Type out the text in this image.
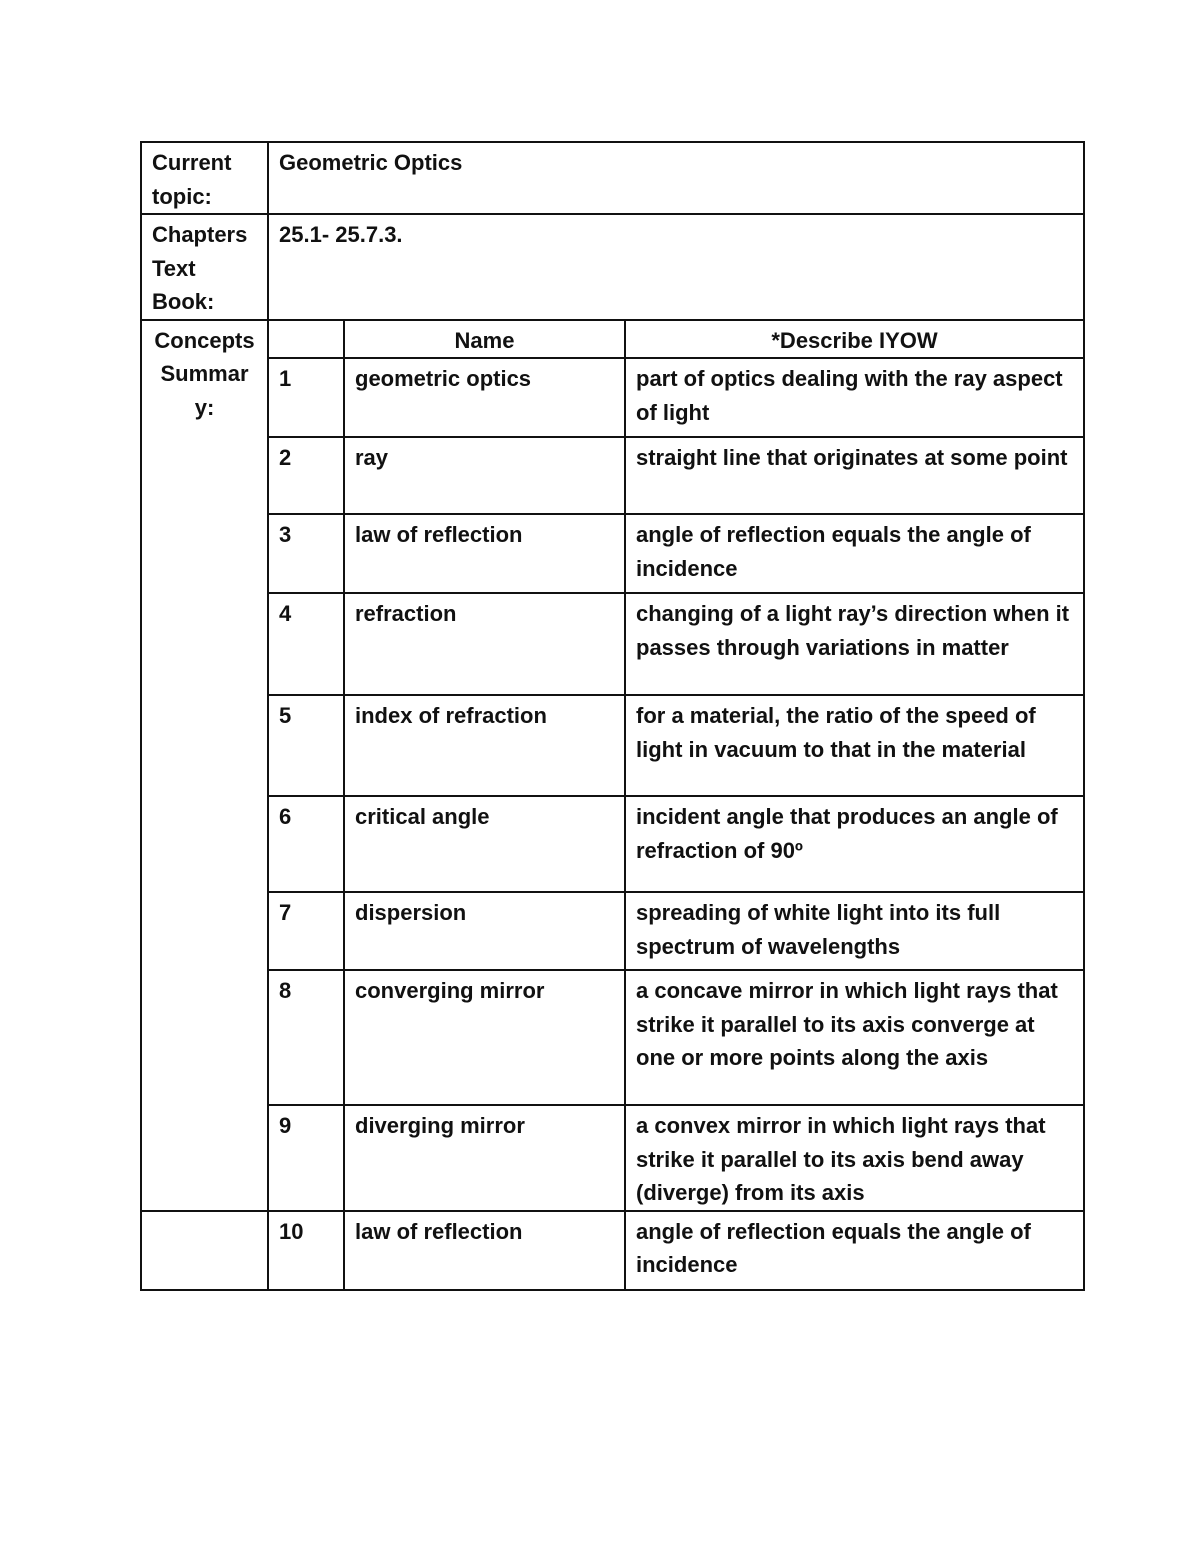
Current topic:	Geometric Optics		
Chapters Text Book:	25.1- 25.7.3.		
Concepts Summar y:		Name	*Describe IYOW
	1	geometric optics	part of optics dealing with the ray aspect of light
	2	ray	straight line that originates at some point
	3	law of reflection	angle of reflection equals the angle of incidence
	4	refraction	changing of a light ray’s direction when it passes through variations in matter
	5	index of refraction	for a material, the ratio of the speed of light in vacuum to that in the material
	6	critical angle	incident angle that produces an angle of refraction of 90º
	7	dispersion	spreading of white light into its full spectrum of wavelengths
	8	converging mirror	a concave mirror in which light rays that strike it parallel to its axis converge at one or more points along the axis
	9	diverging mirror	a convex mirror in which light rays that strike it parallel to its axis bend away (diverge) from its axis
	10	law of reflection	angle of reflection equals the angle of incidence
